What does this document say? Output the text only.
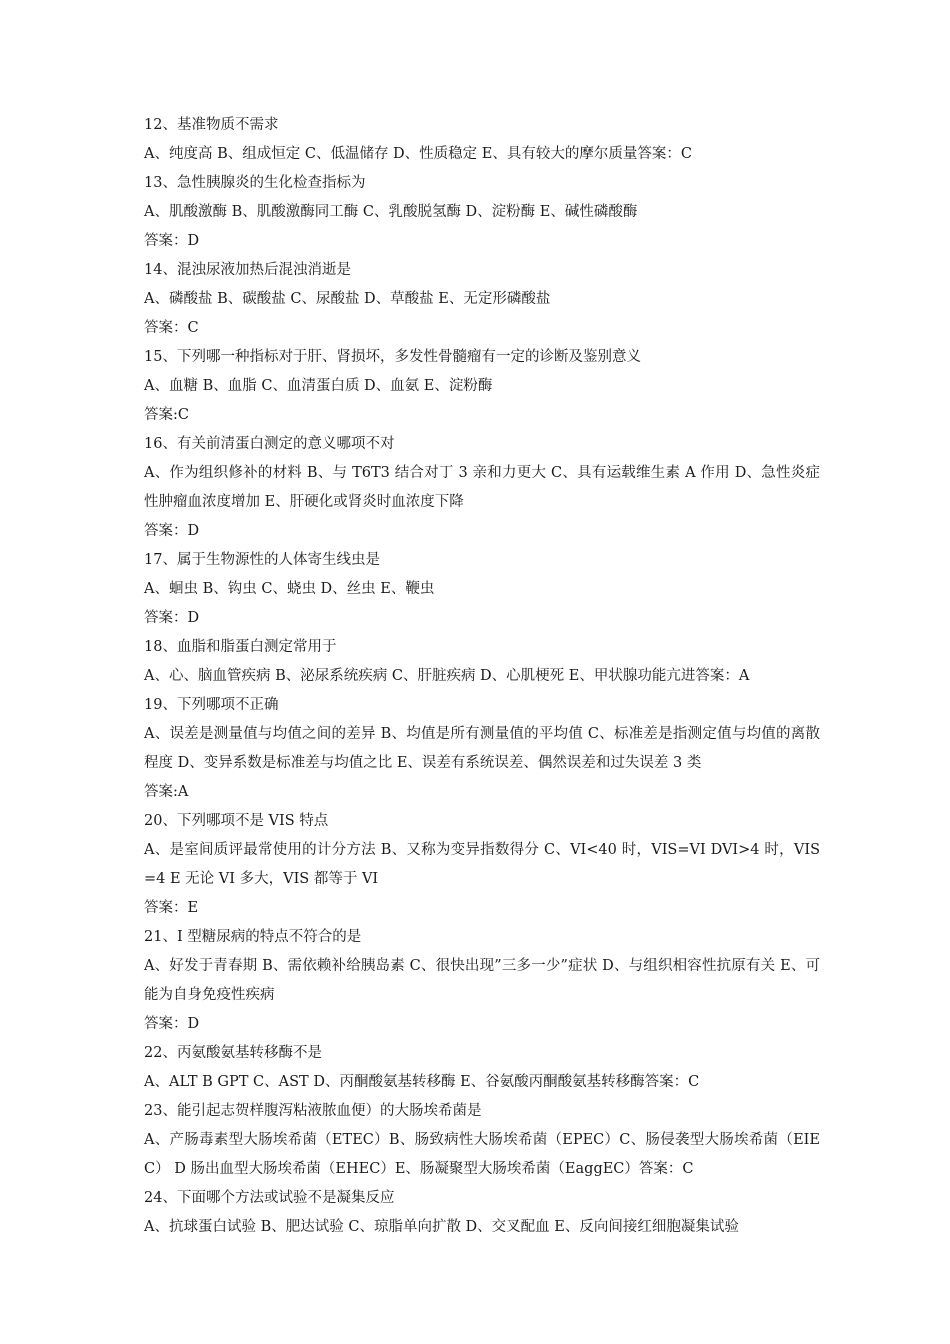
12、基准物质不需求

A、纯度高 B、组成恒定 C、低温储存 D、性质稳定 E、具有较大的摩尔质量答案：C

13、急性胰腺炎的生化检查指标为

A、肌酸激酶 B、肌酸激酶同工酶 C、乳酸脱氢酶 D、淀粉酶 E、碱性磷酸酶

答案：D

14、混浊尿液加热后混浊消逝是

A、磷酸盐 B、碳酸盐 C、尿酸盐 D、草酸盐 E、无定形磷酸盐

答案：C

15、下列哪一种指标对于肝、肾损坏，多发性骨髓瘤有一定的诊断及鉴别意义

A、血糖 B、血脂 C、血清蛋白质 D、血氨 E、淀粉酶

答案:C

16、有关前清蛋白测定的意义哪项不对

A、作为组织修补的材料 B、与 T6T3 结合对丁 3 亲和力更大 C、具有运载维生素 A 作用 D、急性炎症性肿瘤血浓度增加 E、肝硬化或肾炎时血浓度下降

答案：D

17、属于生物源性的人体寄生线虫是

A、蛔虫 B、钩虫 C、蛲虫 D、丝虫 E、鞭虫

答案：D

18、血脂和脂蛋白测定常用于

A、心、脑血管疾病 B、泌尿系统疾病 C、肝脏疾病 D、心肌梗死 E、甲状腺功能亢进答案：A

19、下列哪项不正确

A、误差是测量值与均值之间的差异 B、均值是所有测量值的平均值 C、标准差是指测定值与均值的离散程度 D、变异系数是标准差与均值之比 E、误差有系统误差、偶然误差和过失误差 3 类

答案:A

20、下列哪项不是 VIS 特点

A、是室间质评最常使用的计分方法 B、又称为变异指数得分 C、VI<40 时，VIS=VI DVI>4 时，VIS=4 E 无论 VI 多大，VIS 都等于 VI

答案：E

21、I 型糖尿病的特点不符合的是

A、好发于青春期 B、需依赖补给胰岛素 C、很快出现”三多一少”症状 D、与组织相容性抗原有关 E、可能为自身免疫性疾病

答案：D

22、丙氨酸氨基转移酶不是

A、ALT B GPT C、AST D、丙酮酸氨基转移酶 E、谷氨酸丙酮酸氨基转移酶答案：C

23、能引起志贺样腹泻粘液脓血便）的大肠埃希菌是

A、产肠毒素型大肠埃希菌（ETEC）B、肠致病性大肠埃希菌（EPEC）C、肠侵袭型大肠埃希菌（EIEC） D 肠出血型大肠埃希菌（EHEC）E、肠凝聚型大肠埃希菌（EaggEC）答案：C

24、下面哪个方法或试验不是凝集反应

A、抗球蛋白试验 B、肥达试验 C、琼脂单向扩散 D、交叉配血 E、反向间接红细胞凝集试验
